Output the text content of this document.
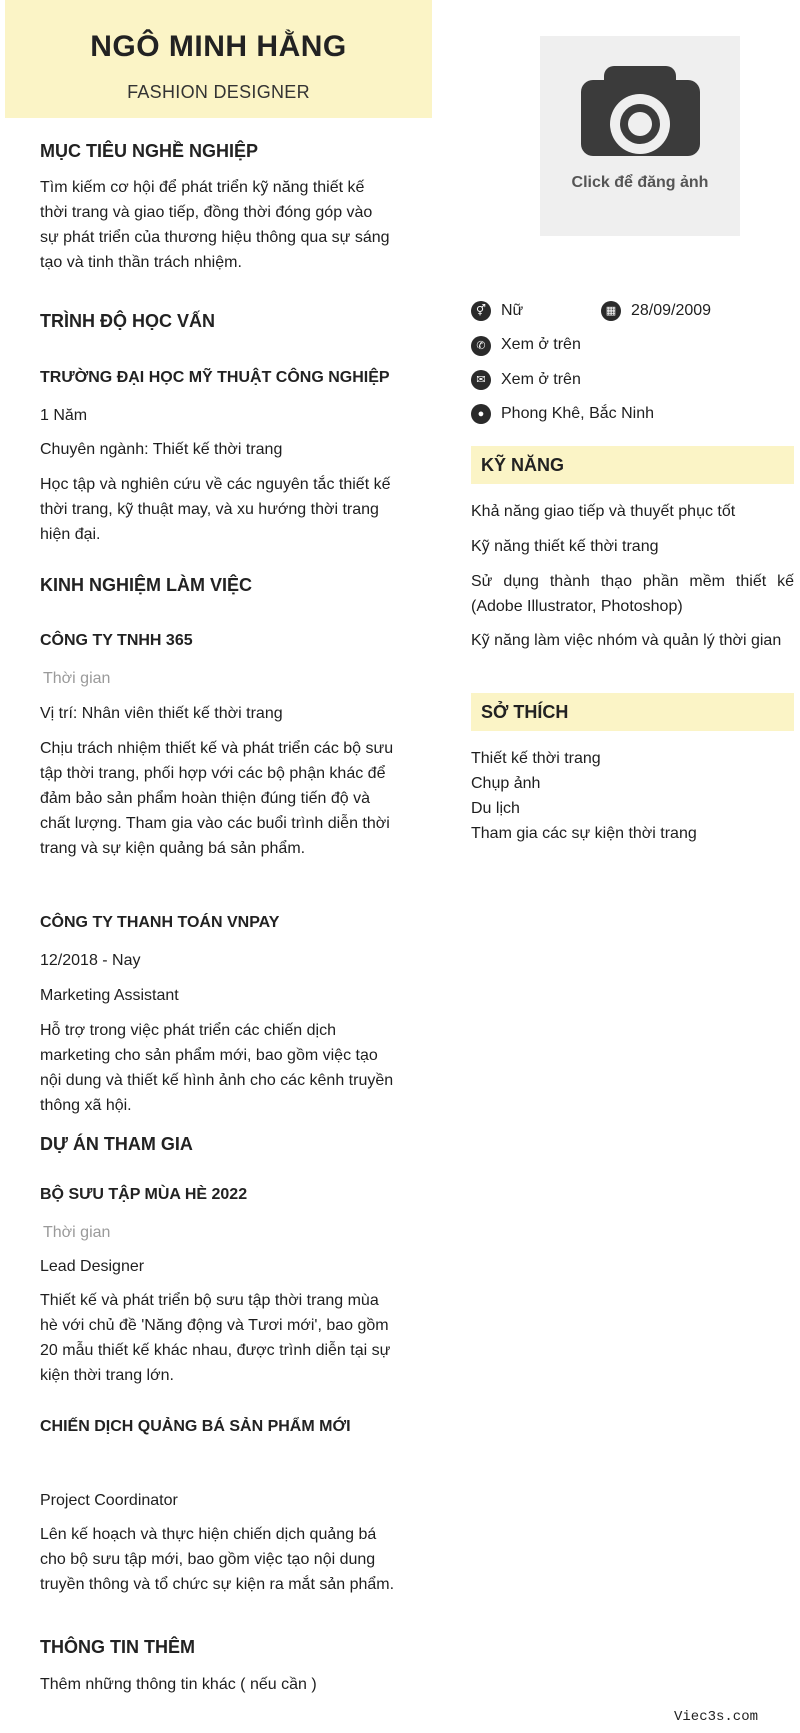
NGÔ MINH HẰNG
FASHION DESIGNER
Click để đăng ảnh
MỤC TIÊU NGHỀ NGHIỆP
Tìm kiếm cơ hội để phát triển kỹ năng thiết kế thời trang và giao tiếp, đồng thời đóng góp vào sự phát triển của thương hiệu thông qua sự sáng tạo và tinh thần trách nhiệm.
TRÌNH ĐỘ HỌC VẤN
TRƯỜNG ĐẠI HỌC MỸ THUẬT CÔNG NGHIỆP
1 Năm
Chuyên ngành: Thiết kế thời trang
Học tập và nghiên cứu về các nguyên tắc thiết kế thời trang, kỹ thuật may, và xu hướng thời trang hiện đại.
KINH NGHIỆM LÀM VIỆC
CÔNG TY TNHH 365
Thời gian
Vị trí: Nhân viên thiết kế thời trang
Chịu trách nhiệm thiết kế và phát triển các bộ sưu tập thời trang, phối hợp với các bộ phận khác để đảm bảo sản phẩm hoàn thiện đúng tiến độ và chất lượng. Tham gia vào các buổi trình diễn thời trang và sự kiện quảng bá sản phẩm.
CÔNG TY THANH TOÁN VNPAY
12/2018 - Nay
Marketing Assistant
Hỗ trợ trong việc phát triển các chiến dịch marketing cho sản phẩm mới, bao gồm việc tạo nội dung và thiết kế hình ảnh cho các kênh truyền thông xã hội.
DỰ ÁN THAM GIA
BỘ SƯU TẬP MÙA HÈ 2022
Thời gian
Lead Designer
Thiết kế và phát triển bộ sưu tập thời trang mùa hè với chủ đề 'Năng động và Tươi mới', bao gồm 20 mẫu thiết kế khác nhau, được trình diễn tại sự kiện thời trang lớn.
CHIẾN DỊCH QUẢNG BÁ SẢN PHẨM MỚI
Project Coordinator
Lên kế hoạch và thực hiện chiến dịch quảng bá cho bộ sưu tập mới, bao gồm việc tạo nội dung truyền thông và tổ chức sự kiện ra mắt sản phẩm.
THÔNG TIN THÊM
Thêm những thông tin khác ( nếu cần )
⚥ Nữ	▦ 28/09/2009
✆ Xem ở trên
✉ Xem ở trên
●	Phong Khê, Bắc Ninh
KỸ NĂNG
Khả năng giao tiếp và thuyết phục tốt
Kỹ năng thiết kế thời trang
Sử dụng thành thạo phần mềm thiết kế (Adobe Illustrator, Photoshop)
Kỹ năng làm việc nhóm và quản lý thời gian
SỞ THÍCH
Thiết kế thời trang
Chụp ảnh
Du lịch
Tham gia các sự kiện thời trang
Viec3s.com
